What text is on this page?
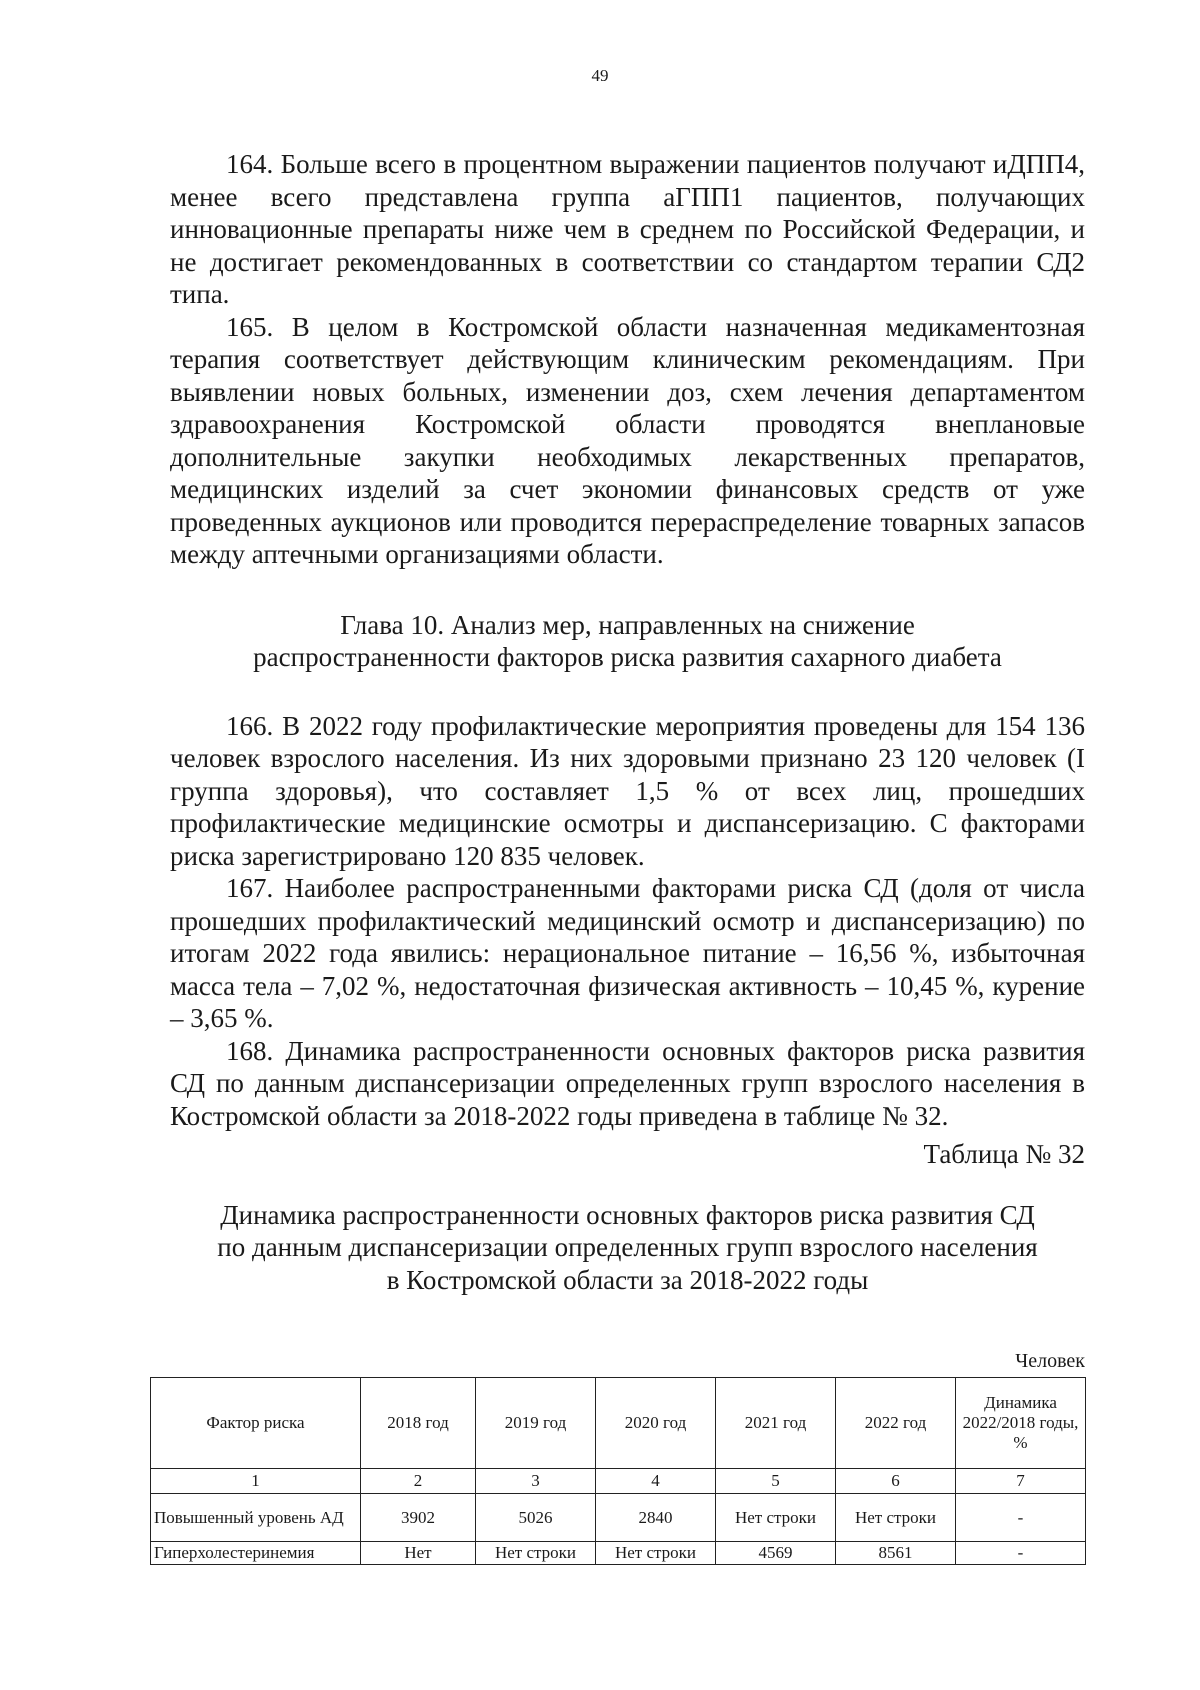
49

164. Больше всего в процентном выражении пациентов получают иДПП4, менее всего представлена группа аГПП1 пациентов, получающих инновационные препараты ниже чем в среднем по Российской Федерации, и не достигает рекомендованных в соответствии со стандартом терапии СД2 типа.

165. В целом в Костромской области назначенная медикаментозная терапия соответствует действующим клиническим рекомендациям. При выявлении новых больных, изменении доз, схем лечения департаментом здравоохранения Костромской области проводятся внеплановые дополнительные закупки необходимых лекарственных препаратов, медицинских изделий за счет экономии финансовых средств от уже проведенных аукционов или проводится перераспределение товарных запасов между аптечными организациями области.

Глава 10. Анализ мер, направленных на снижение
распространенности факторов риска развития сахарного диабета

166. В 2022 году профилактические мероприятия проведены для 154 136 человек взрослого населения. Из них здоровыми признано 23 120 человек (I группа здоровья), что составляет 1,5 % от всех лиц, прошедших профилактические медицинские осмотры и диспансеризацию. С факторами риска зарегистрировано 120 835 человек.

167. Наиболее распространенными факторами риска СД (доля от числа прошедших профилактический медицинский осмотр и диспансеризацию) по итогам 2022 года явились: нерациональное питание – 16,56 %, избыточная масса тела – 7,02 %, недостаточная физическая активность – 10,45 %, курение – 3,65 %.

168. Динамика распространенности основных факторов риска развития СД по данным диспансеризации определенных групп взрослого населения в Костромской области за 2018-2022 годы приведена в таблице № 32.

Таблица № 32
Динамика распространенности основных факторов риска развития СД
по данным диспансеризации определенных групп взрослого населения
в Костромской области за 2018-2022 годы
Человек
Фактор риска	2018 год	2019 год	2020 год	2021 год	2022 год	Динамика 2022/2018 годы, %
1	2	3	4	5	6	7
Повышенный уровень АД	3902	5026	2840	Нет строки	Нет строки	-
Гиперхолестеринемия	Нет	Нет строки	Нет строки	4569	8561	-
